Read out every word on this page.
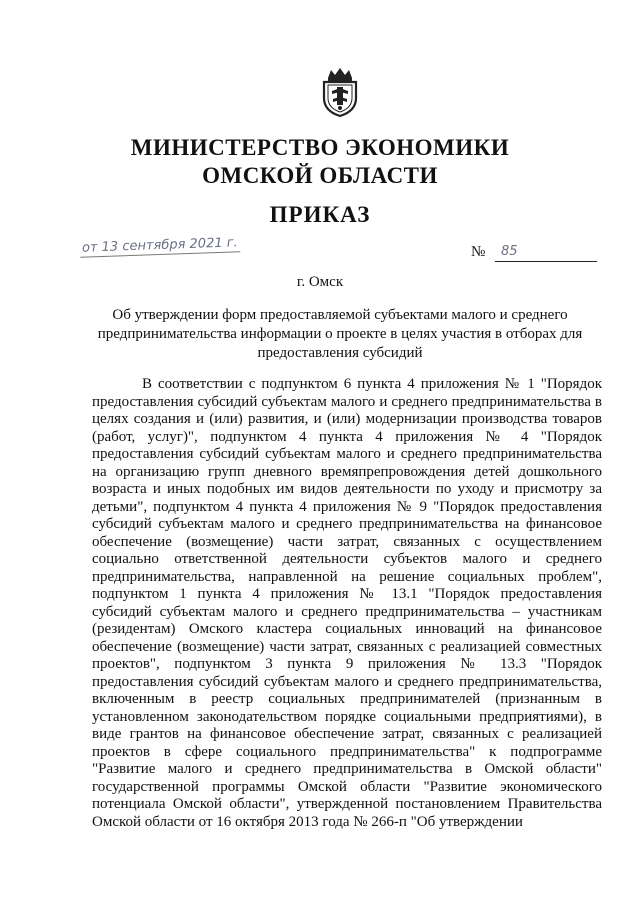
МИНИСТЕРСТВО ЭКОНОМИКИ
ОМСКОЙ ОБЛАСТИ
ПРИКАЗ
от 13 сентября 2021 г.	№	85
г. Омск
Об утверждении форм предоставляемой субъектами малого и среднего предпринимательства информации о проекте в целях участия в отборах для предоставления субсидий
В соответствии с подпунктом 6 пункта 4 приложения № 1 "Порядок предоставления субсидий субъектам малого и среднего предпринимательства в целях создания и (или) развития, и (или) модернизации производства товаров (работ, услуг)", подпунктом 4 пункта 4 приложения № 4 "Порядок предоставления субсидий субъектам малого и среднего предпринимательства на организацию групп дневного времяпрепровождения детей дошкольного возраста и иных подобных им видов деятельности по уходу и присмотру за детьми", подпунктом 4 пункта 4 приложения № 9 "Порядок предоставления субсидий субъектам малого и среднего предпринимательства на финансовое обеспечение (возмещение) части затрат, связанных с осуществлением социально ответственной деятельности субъектов малого и среднего предпринимательства, направленной на решение социальных проблем", подпунктом 1 пункта 4 приложения № 13.1 "Порядок предоставления субсидий субъектам малого и среднего предпринимательства – участникам (резидентам) Омского кластера социальных инноваций на финансовое обеспечение (возмещение) части затрат, связанных с реализацией совместных проектов", подпунктом 3 пункта 9 приложения № 13.3 "Порядок предоставления субсидий субъектам малого и среднего предпринимательства, включенным в реестр социальных предпринимателей (признанным в установленном законодательством порядке социальными предприятиями), в виде грантов на финансовое обеспечение затрат, связанных с реализацией проектов в сфере социального предпринимательства" к подпрограмме "Развитие малого и среднего предпринимательства в Омской области" государственной программы Омской области "Развитие экономического потенциала Омской области", утвержденной постановлением Правительства Омской области от 16 октября 2013 года № 266-п "Об утверждении
